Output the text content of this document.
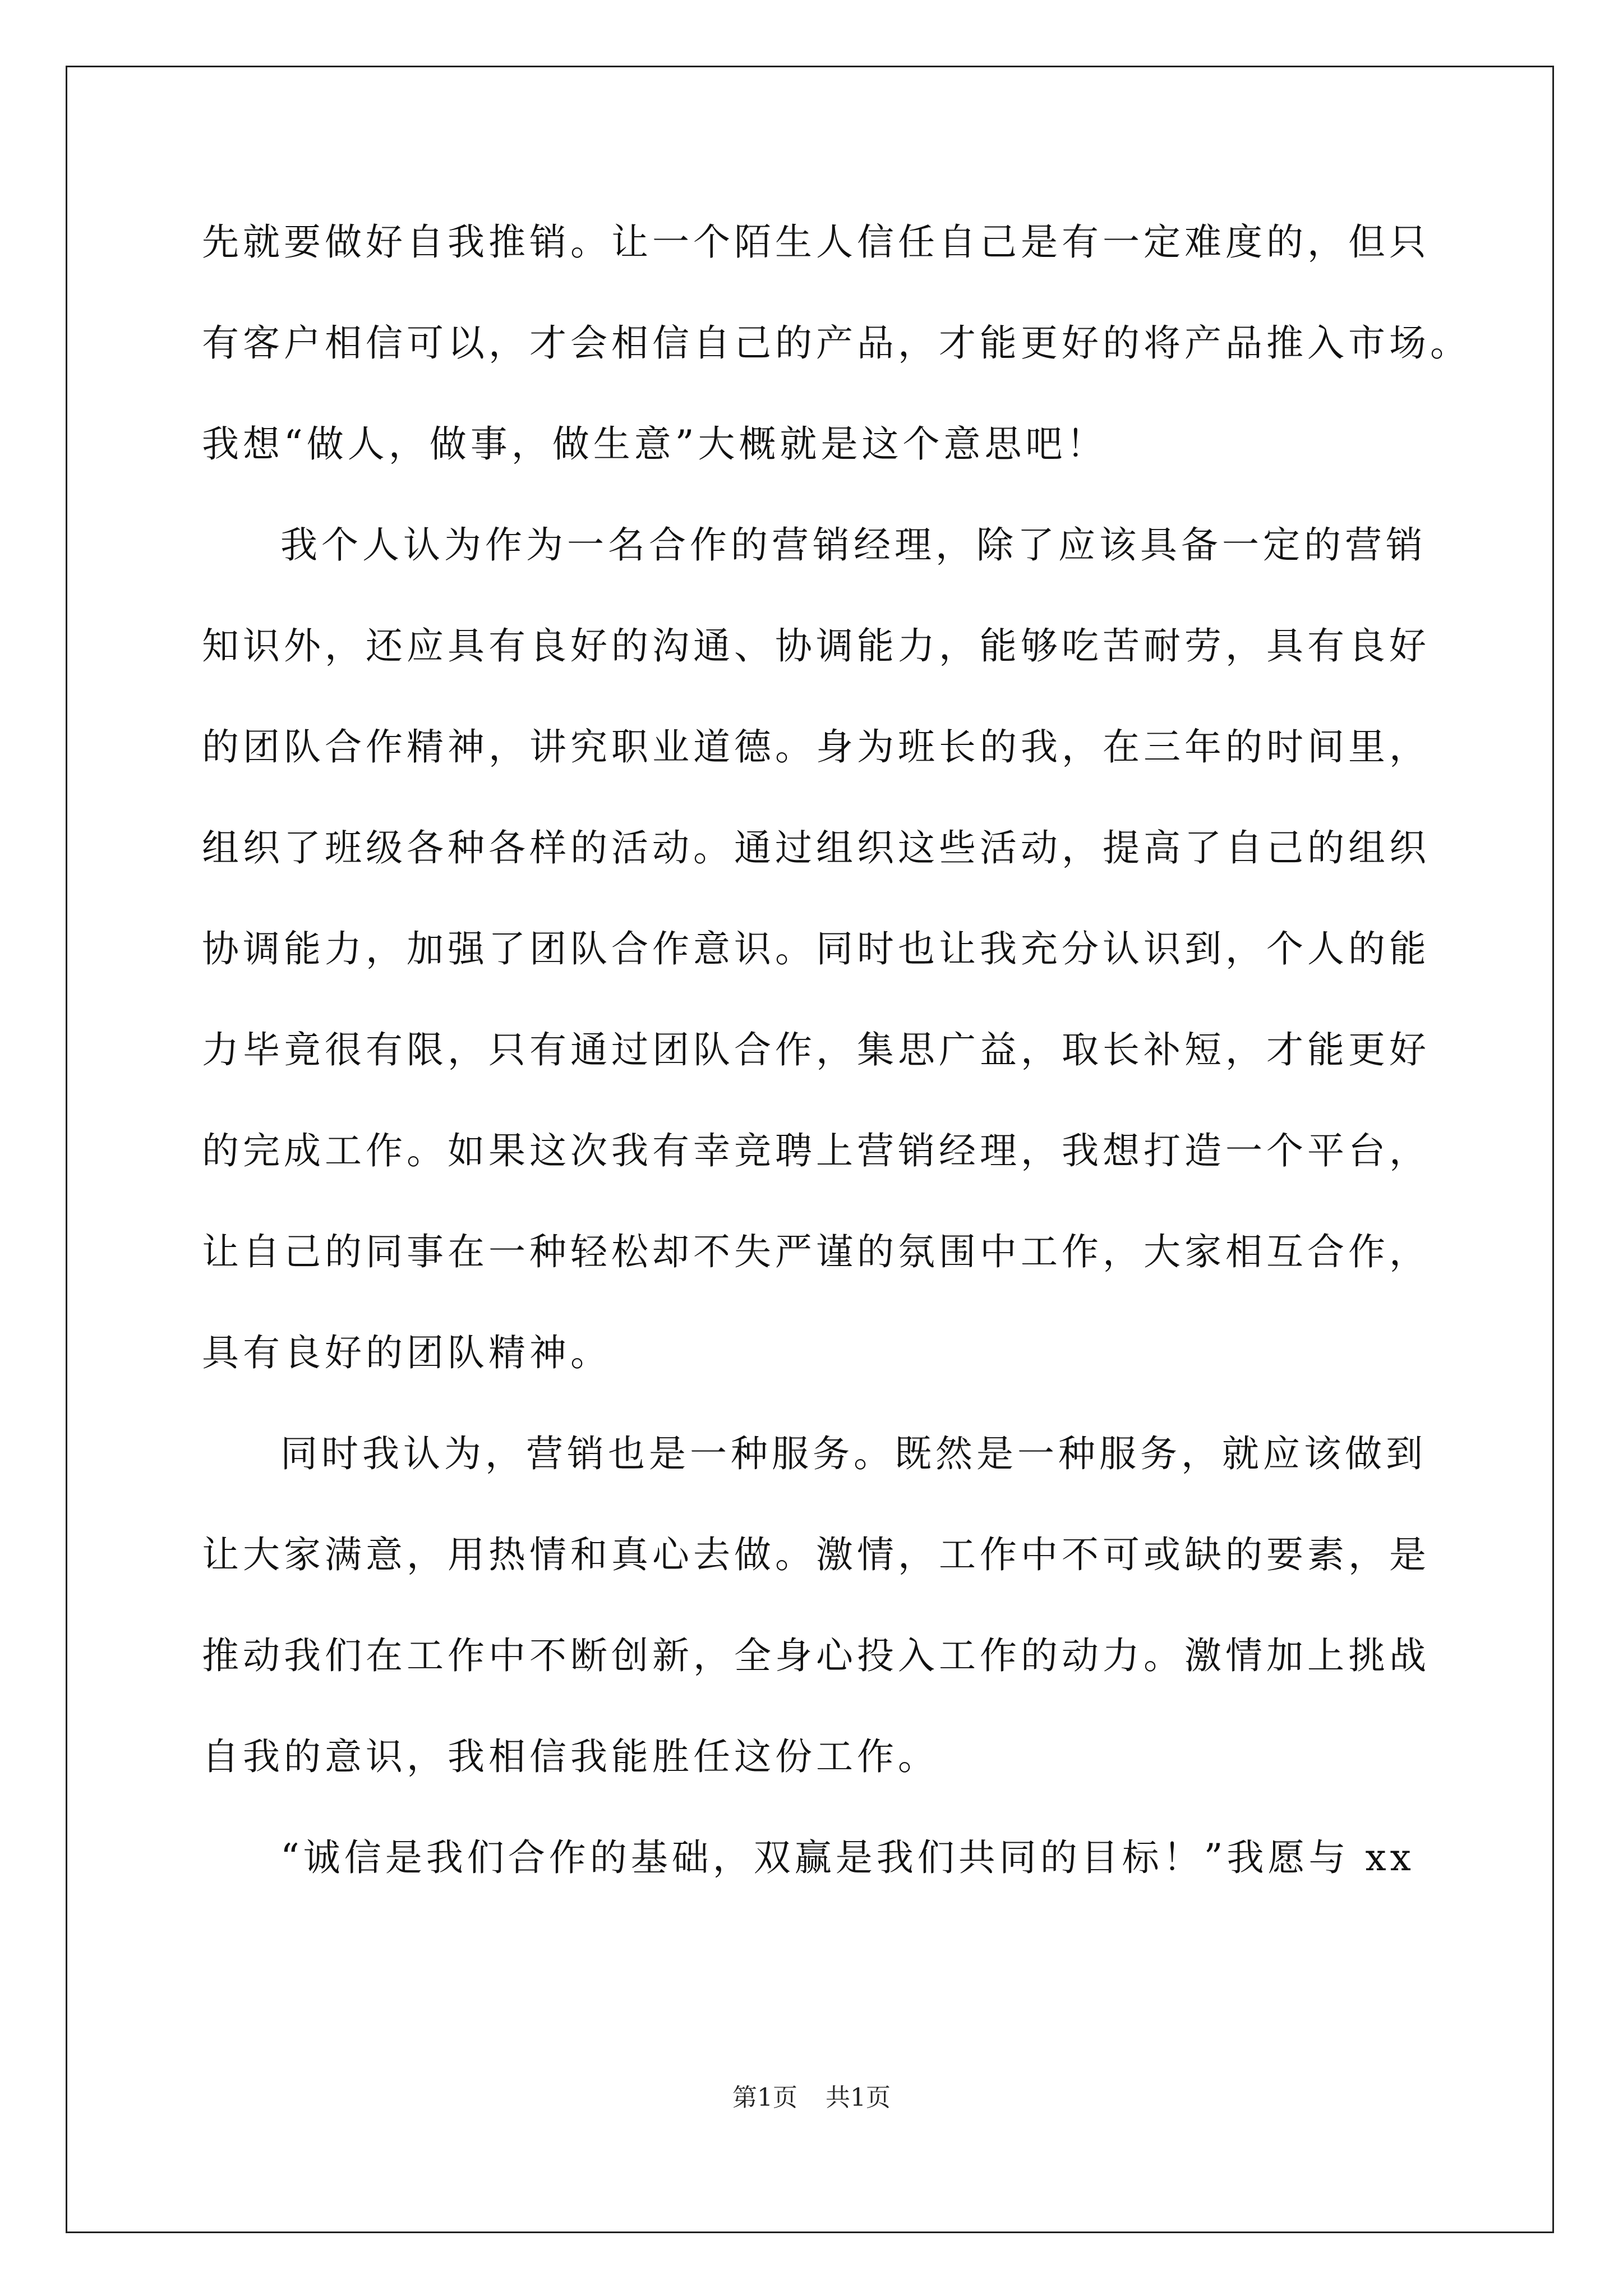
先就要做好自我推销。让一个陌生人信任自己是有一定难度的，但只
有客户相信可以，才会相信自己的产品，才能更好的将产品推入市场。
我想“做人，做事，做生意”大概就是这个意思吧！
我个人认为作为一名合作的营销经理，除了应该具备一定的营销
知识外，还应具有良好的沟通、协调能力，能够吃苦耐劳，具有良好
的团队合作精神，讲究职业道德。身为班长的我，在三年的时间里，
组织了班级各种各样的活动。通过组织这些活动，提高了自己的组织
协调能力，加强了团队合作意识。同时也让我充分认识到，个人的能
力毕竟很有限，只有通过团队合作，集思广益，取长补短，才能更好
的完成工作。如果这次我有幸竞聘上营销经理，我想打造一个平台，
让自己的同事在一种轻松却不失严谨的氛围中工作，大家相互合作，
具有良好的团队精神。
同时我认为，营销也是一种服务。既然是一种服务，就应该做到
让大家满意，用热情和真心去做。激情，工作中不可或缺的要素，是
推动我们在工作中不断创新，全身心投入工作的动力。激情加上挑战
自我的意识，我相信我能胜任这份工作。
“诚信是我们合作的基础，双赢是我们共同的目标！”我愿与 xx
第1页 共1页
